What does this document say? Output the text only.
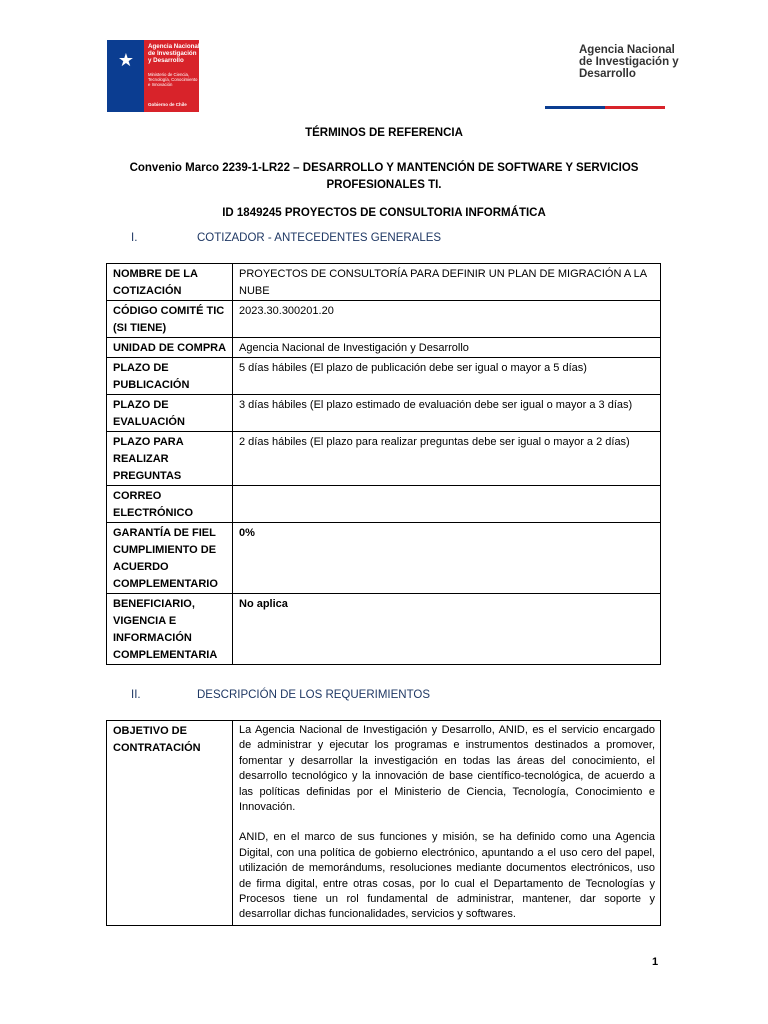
★
Agencia Nacional de Investigación y Desarrollo
Ministerio de Ciencia, Tecnología, Conocimiento e Innovación
Gobierno de Chile
Agencia Nacional de Investigación y Desarrollo
TÉRMINOS DE REFERENCIA
Convenio Marco 2239-1-LR22 – DESARROLLO Y MANTENCIÓN DE SOFTWARE Y SERVICIOS PROFESIONALES TI.
ID 1849245 PROYECTOS DE CONSULTORIA INFORMÁTICA
I.	COTIZADOR - ANTECEDENTES GENERALES
NOMBRE DE LA COTIZACIÓN	PROYECTOS DE CONSULTORÍA PARA DEFINIR UN PLAN DE MIGRACIÓN A LA NUBE
CÓDIGO COMITÉ TIC (SI TIENE)	2023.30.300201.20
UNIDAD DE COMPRA	Agencia Nacional de Investigación y Desarrollo
PLAZO DE PUBLICACIÓN	5 días hábiles (El plazo de publicación debe ser igual o mayor a 5 días)
PLAZO DE EVALUACIÓN	3 días hábiles (El plazo estimado de evaluación debe ser igual o mayor a 3 días)
PLAZO PARA REALIZAR PREGUNTAS	2 días hábiles (El plazo para realizar preguntas debe ser igual o mayor a 2 días)
CORREO ELECTRÓNICO	
GARANTÍA DE FIEL CUMPLIMIENTO DE ACUERDO COMPLEMENTARIO	0%
BENEFICIARIO, VIGENCIA E INFORMACIÓN COMPLEMENTARIA	No aplica
II.	DESCRIPCIÓN DE LOS REQUERIMIENTOS
OBJETIVO DE CONTRATACIÓN	

La Agencia Nacional de Investigación y Desarrollo, ANID, es el servicio encargado de administrar y ejecutar los programas e instrumentos destinados a promover, fomentar y desarrollar la investigación en todas las áreas del conocimiento, el desarrollo tecnológico y la innovación de base científico-tecnológica, de acuerdo a las políticas definidas por el Ministerio de Ciencia, Tecnología, Conocimiento e Innovación.

ANID, en el marco de sus funciones y misión, se ha definido como una Agencia Digital, con una política de gobierno electrónico, apuntando a el uso cero del papel, utilización de memorándums, resoluciones mediante documentos electrónicos, uso de firma digital, entre otras cosas, por lo cual el Departamento de Tecnologías y Procesos tiene un rol fundamental de administrar, mantener, dar soporte y desarrollar dichas funcionalidades, servicios y softwares.

1
